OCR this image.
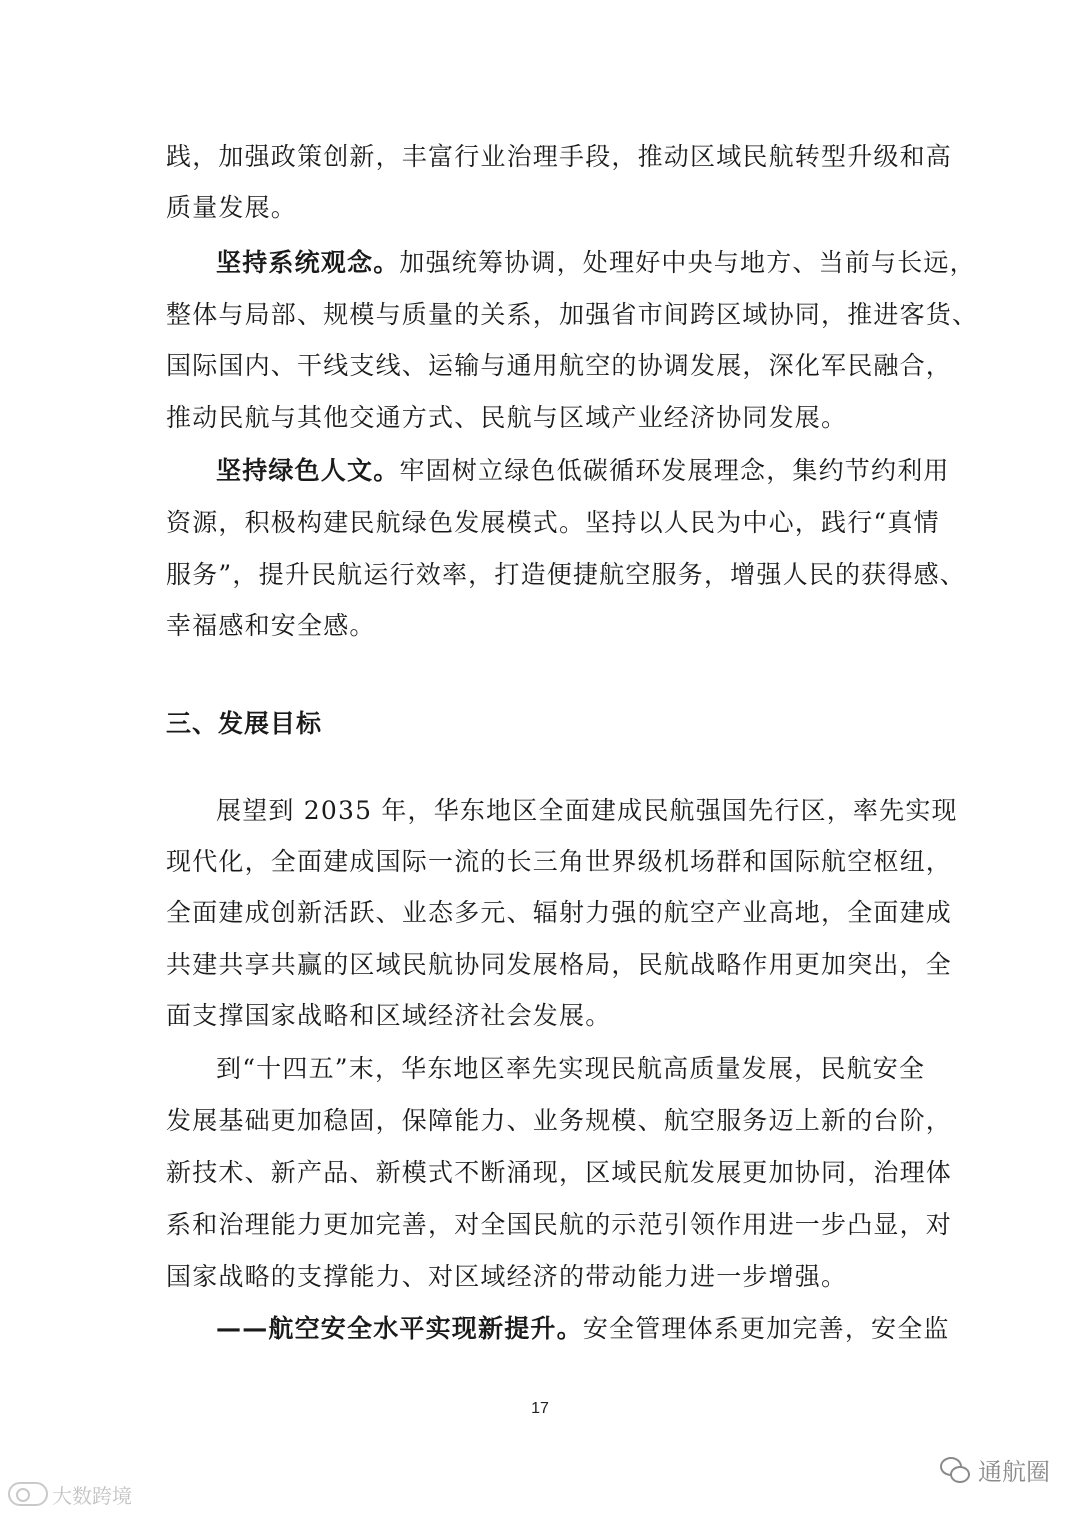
践，加强政策创新，丰富行业治理手段，推动区域民航转型升级和高
质量发展。
坚持系统观念。加强统筹协调，处理好中央与地方、当前与长远，
整体与局部、规模与质量的关系，加强省市间跨区域协同，推进客货、
国际国内、干线支线、运输与通用航空的协调发展，深化军民融合，
推动民航与其他交通方式、民航与区域产业经济协同发展。
坚持绿色人文。牢固树立绿色低碳循环发展理念，集约节约利用
资源，积极构建民航绿色发展模式。坚持以人民为中心，践行“真情
服务”，提升民航运行效率，打造便捷航空服务，增强人民的获得感、
幸福感和安全感。
三、发展目标
展望到 2035 年，华东地区全面建成民航强国先行区，率先实现
现代化，全面建成国际一流的长三角世界级机场群和国际航空枢纽，
全面建成创新活跃、业态多元、辐射力强的航空产业高地，全面建成
共建共享共赢的区域民航协同发展格局，民航战略作用更加突出，全
面支撑国家战略和区域经济社会发展。
到“十四五”末，华东地区率先实现民航高质量发展，民航安全
发展基础更加稳固，保障能力、业务规模、航空服务迈上新的台阶，
新技术、新产品、新模式不断涌现，区域民航发展更加协同，治理体
系和治理能力更加完善，对全国民航的示范引领作用进一步凸显，对
国家战略的支撑能力、对区域经济的带动能力进一步增强。
——航空安全水平实现新提升。安全管理体系更加完善，安全监
17
大数跨境
通航圈
